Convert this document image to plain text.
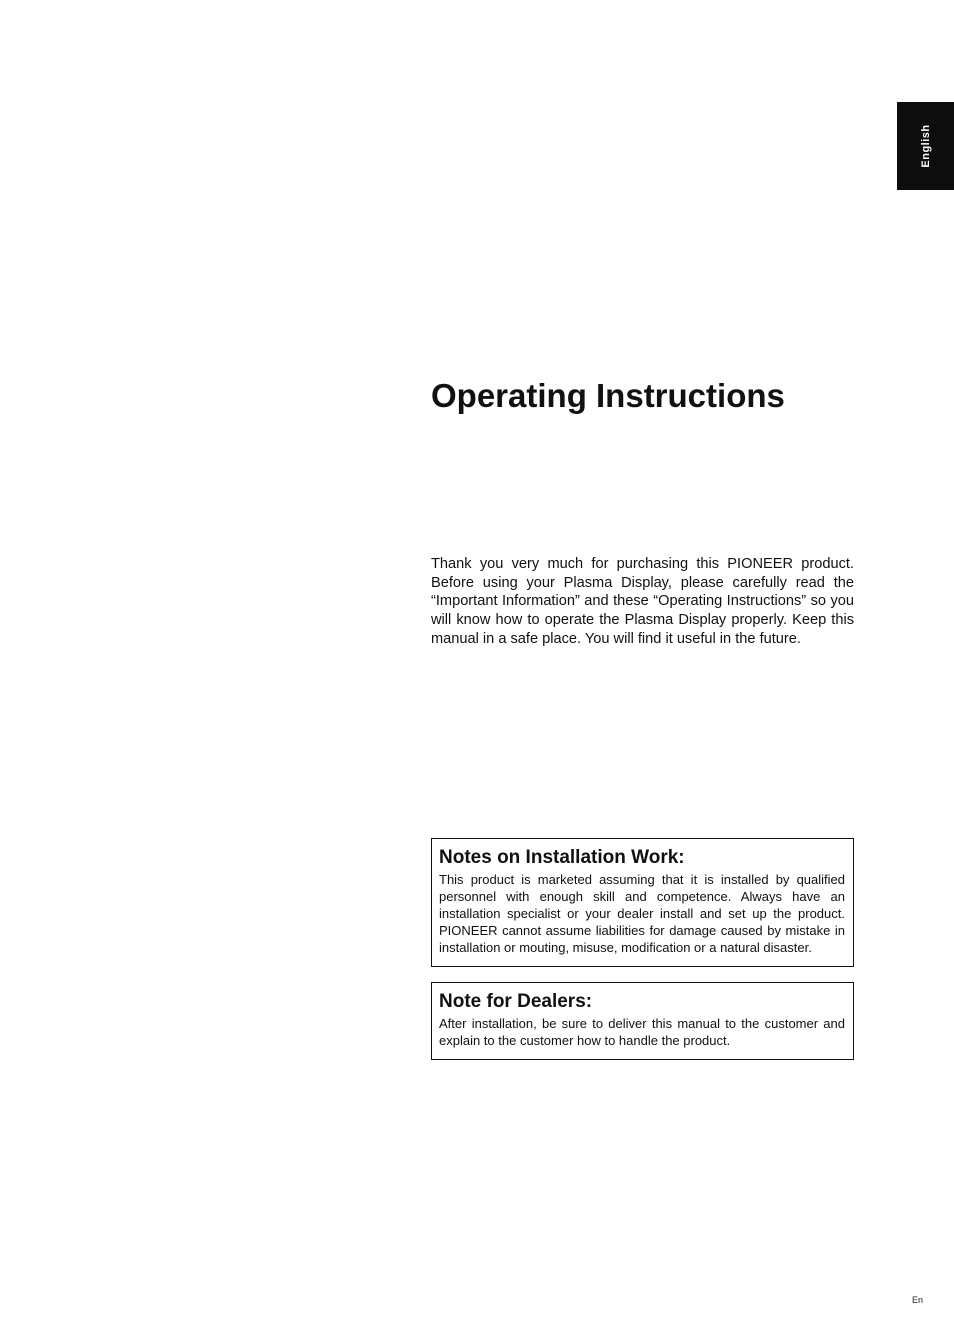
English
Operating Instructions

Thank you very much for purchasing this PIONEER product. Before using your Plasma Display, please carefully read the “Important Information” and these “Operating Instructions” so you will know how to operate the Plasma Display properly. Keep this manual in a safe place. You will find it useful in the future.

Notes on Installation Work:

This product is marketed assuming that it is installed by qualified personnel with enough skill and competence. Always have an installation specialist or your dealer install and set up the product. PIONEER cannot assume liabilities for damage caused by mistake in installation or mouting, misuse, modification or a natural disaster.

Note for Dealers:

After installation, be sure to deliver this manual to the customer and explain to the customer how to handle the product.

En
